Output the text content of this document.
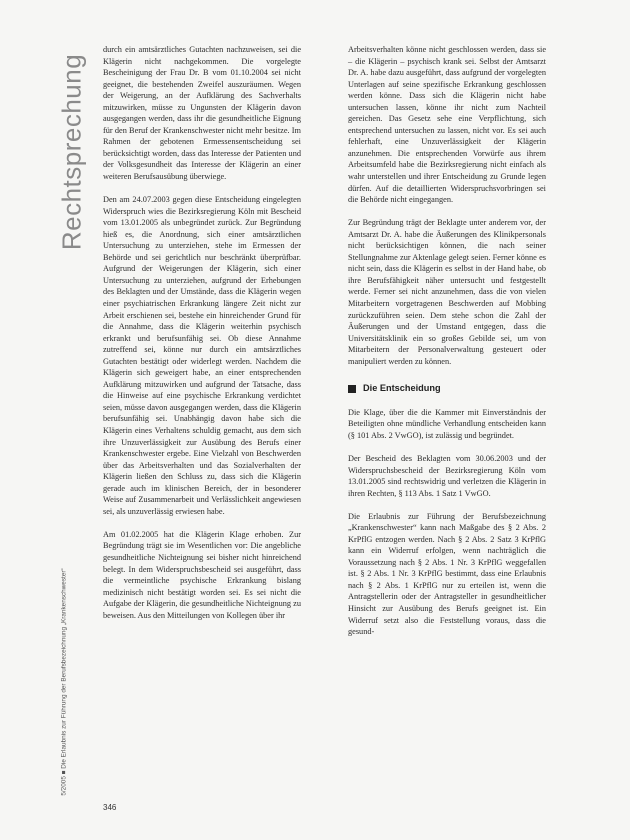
Rechtsprechung

durch ein amtsärztliches Gutachten nachzuweisen, sei die Klägerin nicht nachgekommen. Die vorgelegte Bescheinigung der Frau Dr. B vom 01.10.2004 sei nicht geeignet, die bestehenden Zweifel auszuräumen. Wegen der Weigerung, an der Aufklärung des Sachverhalts mitzuwirken, müsse zu Ungunsten der Klägerin davon ausgegangen werden, dass ihr die gesundheitliche Eignung für den Beruf der Krankenschwester nicht mehr besitze. Im Rahmen der gebotenen Ermessensentscheidung sei berücksichtigt worden, dass das Interesse der Patienten und der Volksgesundheit das Interesse der Klägerin an einer weiteren Berufsausübung überwiege.

Den am 24.07.2003 gegen diese Entscheidung eingelegten Widerspruch wies die Bezirksregierung Köln mit Bescheid vom 13.01.2005 als unbegründet zurück. Zur Begründung hieß es, die Anordnung, sich einer amtsärztlichen Untersuchung zu unterziehen, stehe im Ermessen der Behörde und sei gerichtlich nur beschränkt überprüfbar. Aufgrund der Weigerungen der Klägerin, sich einer Untersuchung zu unterziehen, aufgrund der Erhebungen des Beklagten und der Umstände, dass die Klägerin wegen einer psychiatrischen Erkrankung längere Zeit nicht zur Arbeit erschienen sei, bestehe ein hinreichender Grund für die Annahme, dass die Klägerin weiterhin psychisch erkrankt und berufsunfähig sei. Ob diese Annahme zutreffend sei, könne nur durch ein amtsärztliches Gutachten bestätigt oder widerlegt werden. Nachdem die Klägerin sich geweigert habe, an einer entsprechenden Aufklärung mitzuwirken und aufgrund der Tatsache, dass die Hinweise auf eine psychische Erkrankung verdichtet seien, müsse davon ausgegangen werden, dass die Klägerin berufsunfähig sei. Unabhängig davon habe sich die Klägerin eines Verhaltens schuldig gemacht, aus dem sich ihre Unzuverlässigkeit zur Ausübung des Berufs einer Krankenschwester ergebe. Eine Vielzahl von Beschwerden über das Arbeitsverhalten und das Sozialverhalten der Klägerin ließen den Schluss zu, dass sich die Klägerin gerade auch im klinischen Bereich, der in besonderer Weise auf Zusammenarbeit und Verlässlichkeit angewiesen sei, als unzuverlässig erwiesen habe.

Am 01.02.2005 hat die Klägerin Klage erhoben. Zur Begründung trägt sie im Wesentlichen vor: Die angebliche gesundheitliche Nichteignung sei bisher nicht hinreichend belegt. In dem Widerspruchsbescheid sei ausgeführt, dass die vermeintliche psychische Erkrankung bislang medizinisch nicht bestätigt worden sei. Es sei nicht die Aufgabe der Klägerin, die gesundheitliche Nichteignung zu beweisen. Aus den Mitteilungen von Kollegen über ihr

Arbeitsverhalten könne nicht geschlossen werden, dass sie – die Klägerin – psychisch krank sei. Selbst der Amtsarzt Dr. A. habe dazu ausgeführt, dass aufgrund der vorgelegten Unterlagen auf seine spezifische Erkrankung geschlossen werden könne. Dass sich die Klägerin nicht habe untersuchen lassen, könne ihr nicht zum Nachteil gereichen. Das Gesetz sehe eine Verpflichtung, sich entsprechend untersuchen zu lassen, nicht vor. Es sei auch fehlerhaft, eine Unzuverlässigkeit der Klägerin anzunehmen. Die entsprechenden Vorwürfe aus ihrem Arbeitsumfeld habe die Bezirksregierung nicht einfach als wahr unterstellen und ihrer Entscheidung zu Grunde legen dürfen. Auf die detaillierten Widerspruchsvorbringen sei die Behörde nicht eingegangen.

Zur Begründung trägt der Beklagte unter anderem vor, der Amtsarzt Dr. A. habe die Äußerungen des Klinikpersonals nicht berücksichtigen können, die nach seiner Stellungnahme zur Aktenlage gelegt seien. Ferner könne es nicht sein, dass die Klägerin es selbst in der Hand habe, ob ihre Berufsfähigkeit näher untersucht und festgestellt werde. Ferner sei nicht anzunehmen, dass die von vielen Mitarbeitern vorgetragenen Beschwerden auf Mobbing zurückzuführen seien. Dem stehe schon die Zahl der Äußerungen und der Umstand entgegen, dass die Universitätsklinik ein so großes Gebilde sei, um von Mitarbeitern der Personalverwaltung gesteuert oder manipuliert werden zu können.

Die Entscheidung

Die Klage, über die die Kammer mit Einverständnis der Beteiligten ohne mündliche Verhandlung entscheiden kann (§ 101 Abs. 2 VwGO), ist zulässig und begründet.

Der Bescheid des Beklagten vom 30.06.2003 und der Widerspruchsbescheid der Bezirksregierung Köln vom 13.01.2005 sind rechtswidrig und verletzen die Klägerin in ihren Rechten, § 113 Abs. 1 Satz 1 VwGO.

Die Erlaubnis zur Führung der Berufsbezeichnung „Krankenschwester“ kann nach Maßgabe des § 2 Abs. 2 KrPflG entzogen werden. Nach § 2 Abs. 2 Satz 3 KrPflG kann ein Widerruf erfolgen, wenn nachträglich die Voraussetzung nach § 2 Abs. 1 Nr. 3 KrPflG weggefallen ist. § 2 Abs. 1 Nr. 3 KrPflG bestimmt, dass eine Erlaubnis nach § 2 Abs. 1 KrPflG nur zu erteilen ist, wenn die Antragstellerin oder der Antragsteller in gesundheitlicher Hinsicht zur Ausübung des Berufs geeignet ist. Ein Widerruf setzt also die Feststellung voraus, dass die gesund-

5/2005 ■ Die Erlaubnis zur Führung der Berufsbezeichnung „Krankenschwester“
346
